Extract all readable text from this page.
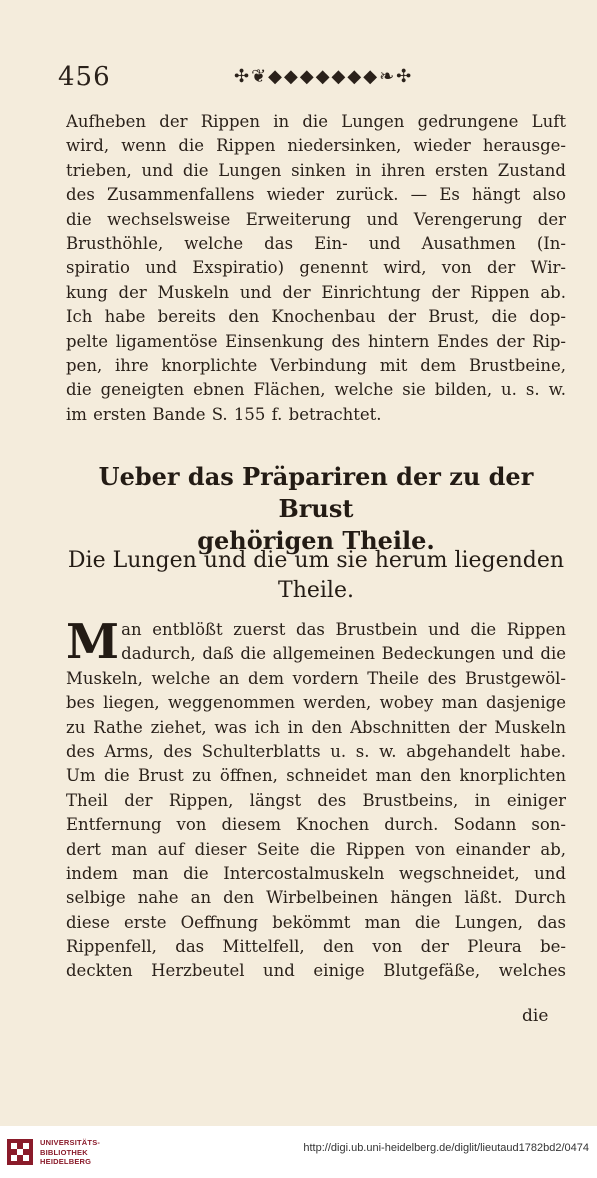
456	✣❦◆◆◆◆◆◆◆❧✣
Aufheben der Rippen in die Lungen gedrungene Luft
wird, wenn die Rippen niedersinken, wieder herausge-
trieben, und die Lungen sinken in ihren ersten Zustand
des Zusammenfallens wieder zurück. — Es hängt also
die wechselsweise Erweiterung und Verengerung der
Brusthöhle, welche das Ein- und Ausathmen (In-
spiratio und Exspiratio) genennt wird, von der Wir-
kung der Muskeln und der Einrichtung der Rippen ab.
Ich habe bereits den Knochenbau der Brust, die dop-
pelte ligamentöse Einsenkung des hintern Endes der Rip-
pen, ihre knorplichte Verbindung mit dem Brustbeine,
die geneigten ebnen Flächen, welche sie bilden, u. s. w.
im ersten Bande S. 155 f. betrachtet.
Ueber das Präpariren der zu der Brust
gehörigen Theile.
Die Lungen und die um sie herum liegenden
Theile.
M an entblößt zuerst das Brustbein und die Rippen
dadurch, daß die allgemeinen Bedeckungen und die
Muskeln, welche an dem vordern Theile des Brustgewöl-
bes liegen, weggenommen werden, wobey man dasjenige
zu Rathe ziehet, was ich in den Abschnitten der Muskeln
des Arms, des Schulterblatts u. s. w. abgehandelt habe.
Um die Brust zu öffnen, schneidet man den knorplichten
Theil der Rippen, längst des Brustbeins, in einiger
Entfernung von diesem Knochen durch. Sodann son-
dert man auf dieser Seite die Rippen von einander ab,
indem man die Intercostalmuskeln wegschneidet, und
selbige nahe an den Wirbelbeinen hängen läßt. Durch
diese erste Oeffnung bekömmt man die Lungen, das
Rippenfell, das Mittelfell, den von der Pleura be-
deckten Herzbeutel und einige Blutgefäße, welches
die
UNIVERSITÄTS-
BIBLIOTHEK
HEIDELBERG
http://digi.ub.uni-heidelberg.de/diglit/lieutaud1782bd2/0474
